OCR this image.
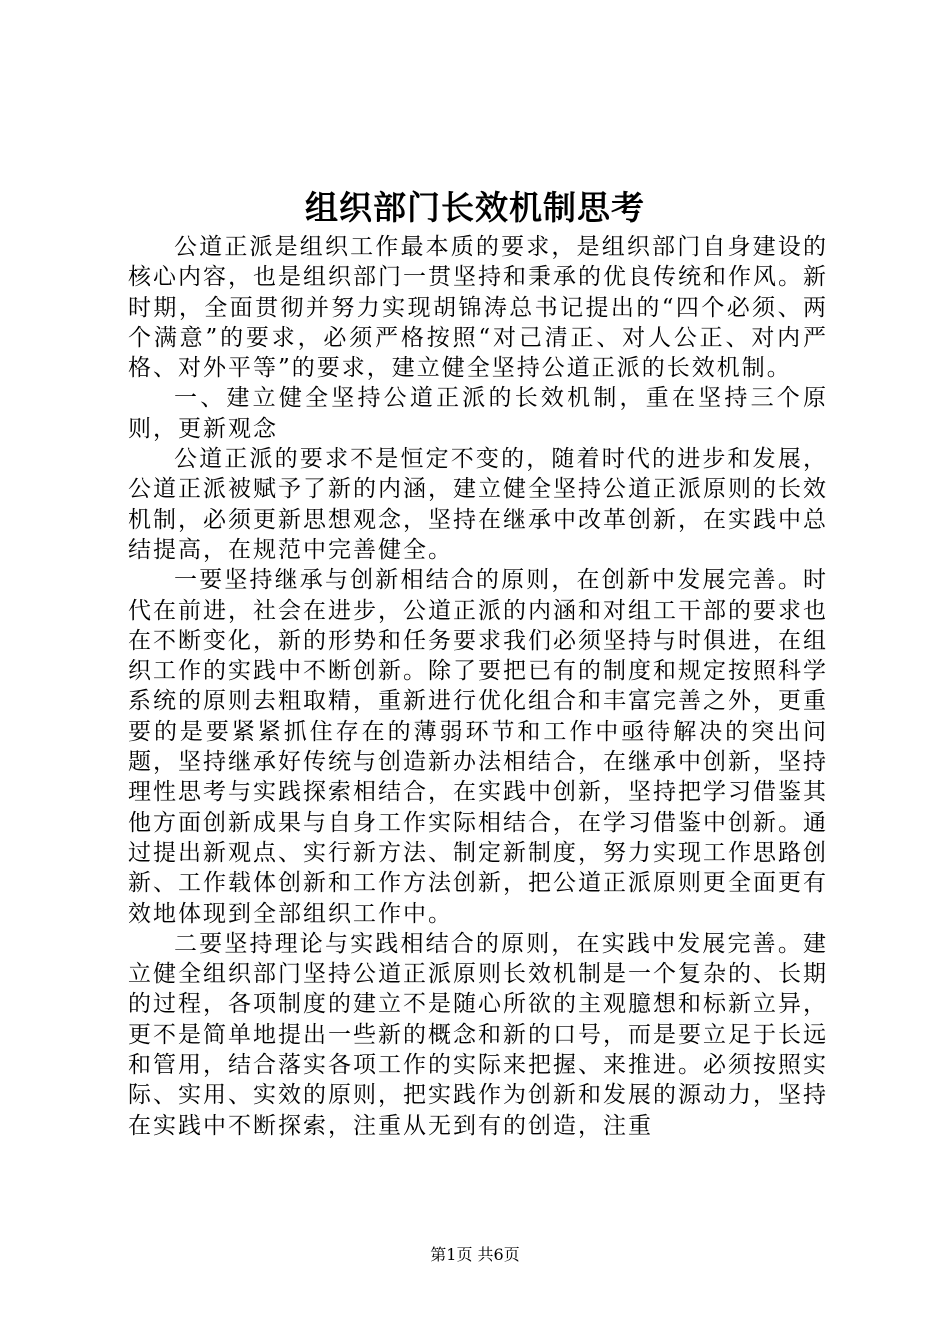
组织部门长效机制思考

公道正派是组织工作最本质的要求，是组织部门自身建设的核心内容，也是组织部门一贯坚持和秉承的优良传统和作风。新时期，全面贯彻并努力实现胡锦涛总书记提出的“四个必须、两个满意”的要求，必须严格按照“对己清正、对人公正、对内严格、对外平等”的要求，建立健全坚持公道正派的长效机制。

一、建立健全坚持公道正派的长效机制，重在坚持三个原则，更新观念

公道正派的要求不是恒定不变的，随着时代的进步和发展，公道正派被赋予了新的内涵，建立健全坚持公道正派原则的长效机制，必须更新思想观念，坚持在继承中改革创新，在实践中总结提高，在规范中完善健全。

一要坚持继承与创新相结合的原则，在创新中发展完善。时代在前进，社会在进步，公道正派的内涵和对组工干部的要求也在不断变化，新的形势和任务要求我们必须坚持与时俱进，在组织工作的实践中不断创新。除了要把已有的制度和规定按照科学系统的原则去粗取精，重新进行优化组合和丰富完善之外，更重要的是要紧紧抓住存在的薄弱环节和工作中亟待解决的突出问题，坚持继承好传统与创造新办法相结合，在继承中创新，坚持理性思考与实践探索相结合，在实践中创新，坚持把学习借鉴其他方面创新成果与自身工作实际相结合，在学习借鉴中创新。通过提出新观点、实行新方法、制定新制度，努力实现工作思路创新、工作载体创新和工作方法创新，把公道正派原则更全面更有效地体现到全部组织工作中。

二要坚持理论与实践相结合的原则，在实践中发展完善。建立健全组织部门坚持公道正派原则长效机制是一个复杂的、长期的过程，各项制度的建立不是随心所欲的主观臆想和标新立异，更不是简单地提出一些新的概念和新的口号，而是要立足于长远和管用，结合落实各项工作的实际来把握、来推进。必须按照实际、实用、实效的原则，把实践作为创新和发展的源动力，坚持在实践中不断探索，注重从无到有的创造，注重

第1页 共6页
